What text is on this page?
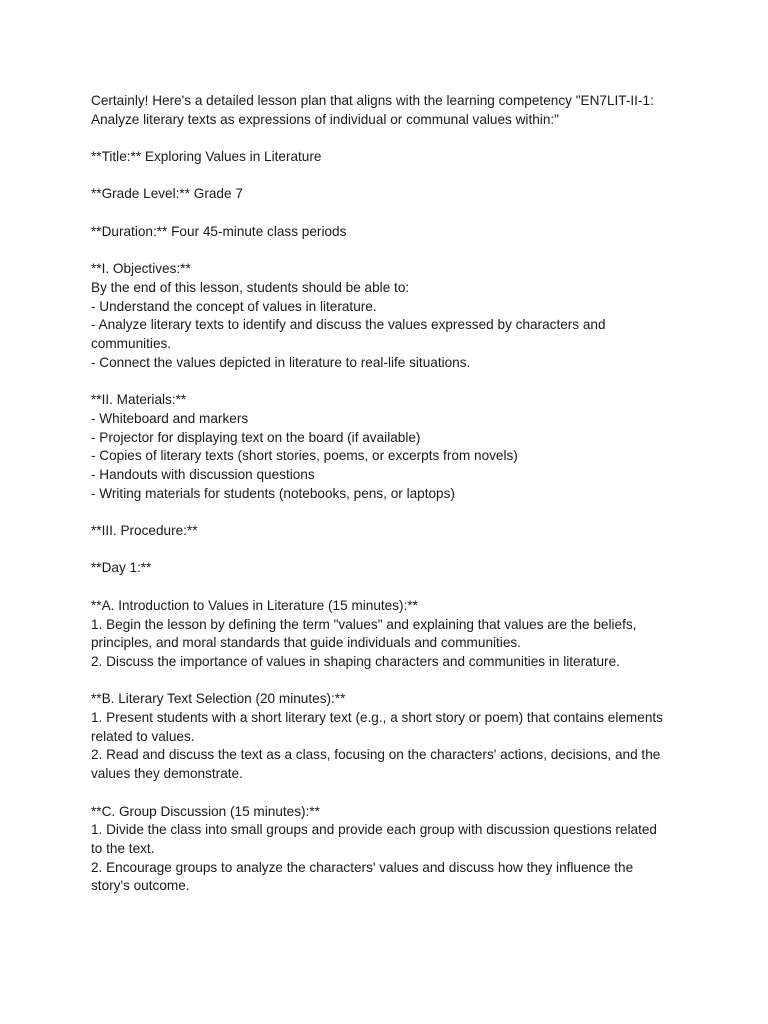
Certainly! Here's a detailed lesson plan that aligns with the learning competency "EN7LIT-II-1:

Analyze literary texts as expressions of individual or communal values within:"

**Title:** Exploring Values in Literature

**Grade Level:** Grade 7

**Duration:** Four 45-minute class periods

**I. Objectives:**

By the end of this lesson, students should be able to:

- Understand the concept of values in literature.

- Analyze literary texts to identify and discuss the values expressed by characters and

communities.

- Connect the values depicted in literature to real-life situations.

**II. Materials:**

- Whiteboard and markers

- Projector for displaying text on the board (if available)

- Copies of literary texts (short stories, poems, or excerpts from novels)

- Handouts with discussion questions

- Writing materials for students (notebooks, pens, or laptops)

**III. Procedure:**

**Day 1:**

**A. Introduction to Values in Literature (15 minutes):**

1. Begin the lesson by defining the term "values" and explaining that values are the beliefs,

principles, and moral standards that guide individuals and communities.

2. Discuss the importance of values in shaping characters and communities in literature.

**B. Literary Text Selection (20 minutes):**

1. Present students with a short literary text (e.g., a short story or poem) that contains elements

related to values.

2. Read and discuss the text as a class, focusing on the characters' actions, decisions, and the

values they demonstrate.

**C. Group Discussion (15 minutes):**

1. Divide the class into small groups and provide each group with discussion questions related

to the text.

2. Encourage groups to analyze the characters' values and discuss how they influence the

story's outcome.
